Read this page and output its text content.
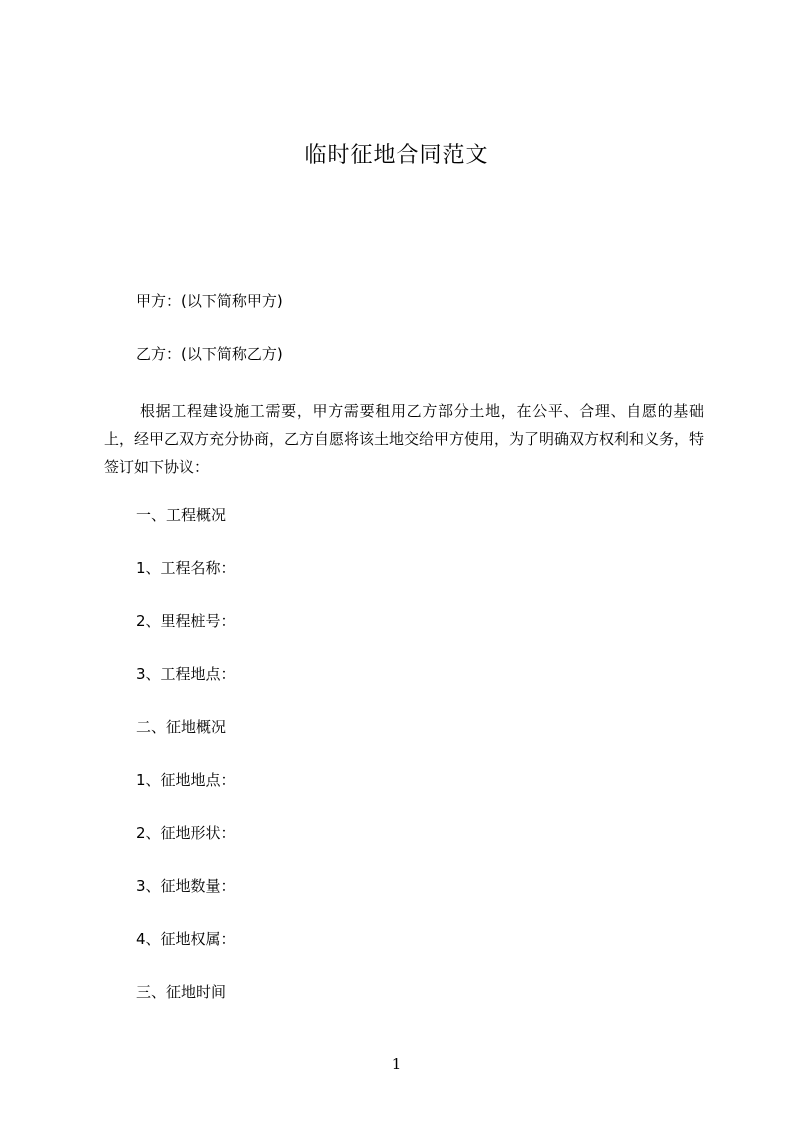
临时征地合同范文

甲方：(以下简称甲方)

乙方：(以下简称乙方)

根据工程建设施工需要，甲方需要租用乙方部分土地，在公平、合理、自愿的基础上，经甲乙双方充分协商，乙方自愿将该土地交给甲方使用，为了明确双方权利和义务，特签订如下协议：

一、工程概况

1、工程名称：

2、里程桩号：

3、工程地点：

二、征地概况

1、征地地点：

2、征地形状：

3、征地数量：

4、征地权属：

三、征地时间

1
